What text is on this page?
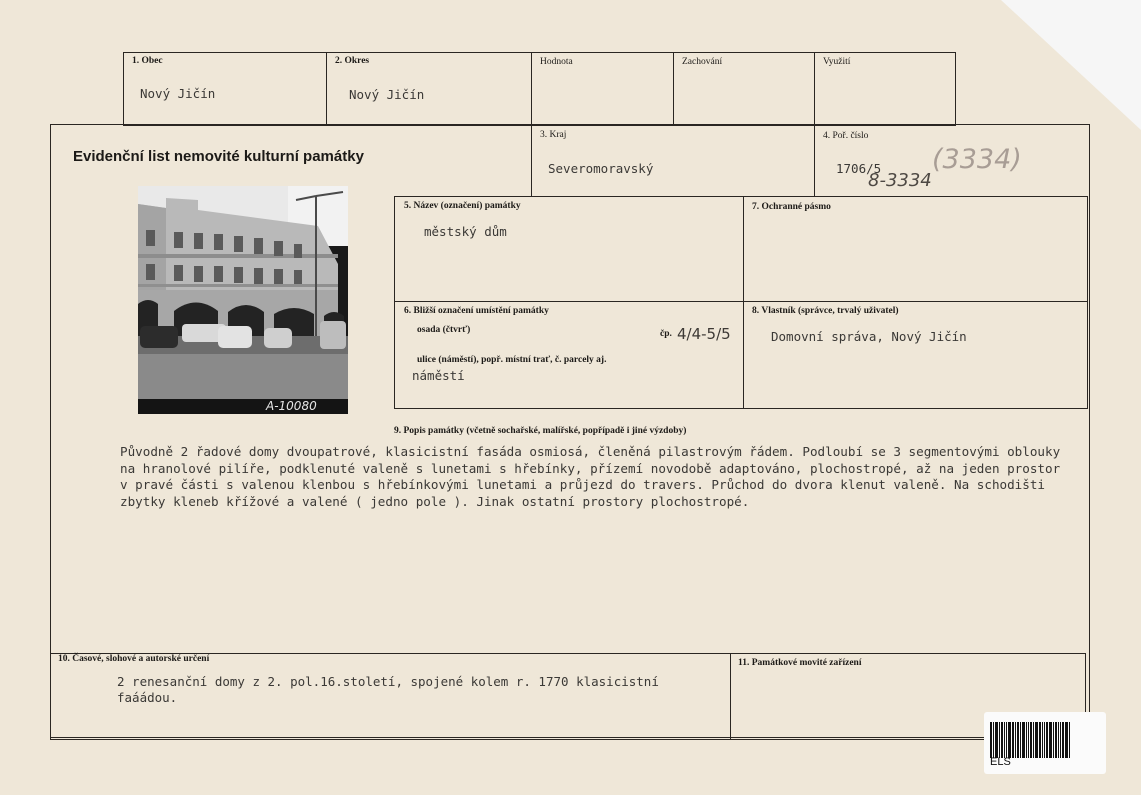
1. Obec
Nový Jičín
2. Okres
Nový Jičín
Hodnota	Zachování	Využití
Evidenční list nemovité kulturní památky
3. Kraj
Severomoravský
4. Poř. číslo
1706/5 (3334)
8-3334
A-10080
5. Název (označení) památky
městský dům
7. Ochranné pásmo
6. Bližší označení umístění památky
osada (čtvrť)	čp. 4/4-5/5
ulice (náměstí), popř. místní trať, č. parcely aj.
náměstí
8. Vlastník (správce, trvalý uživatel)
Domovní správa, Nový Jičín
9. Popis památky (včetně sochařské, malířské, popřípadě i jiné výzdoby)
Původně 2 řadové domy dvoupatrové, klasicistní fasáda osmiosá, členěná pilastrovým řádem. Podloubí se 3 segmentovými oblouky na hranolové pilíře, podklenuté valeně s lunetami s hřebínky, přízemí novodobě adaptováno, plochostropé, až na jeden prostor v pravé části s valenou klenbou s hřebínkovými lunetami a průjezd do travers. Průchod do dvora klenut valeně. Na schodišti zbytky kleneb křížové a valené ( jedno pole ). Jinak ostatní prostory plochostropé.
10. Časové, slohové a autorské určení
2 renesanční domy z 2. pol.16.století, spojené kolem r. 1770 klasicistní
faáádou.
11. Památkové movité zařízení
ELS
